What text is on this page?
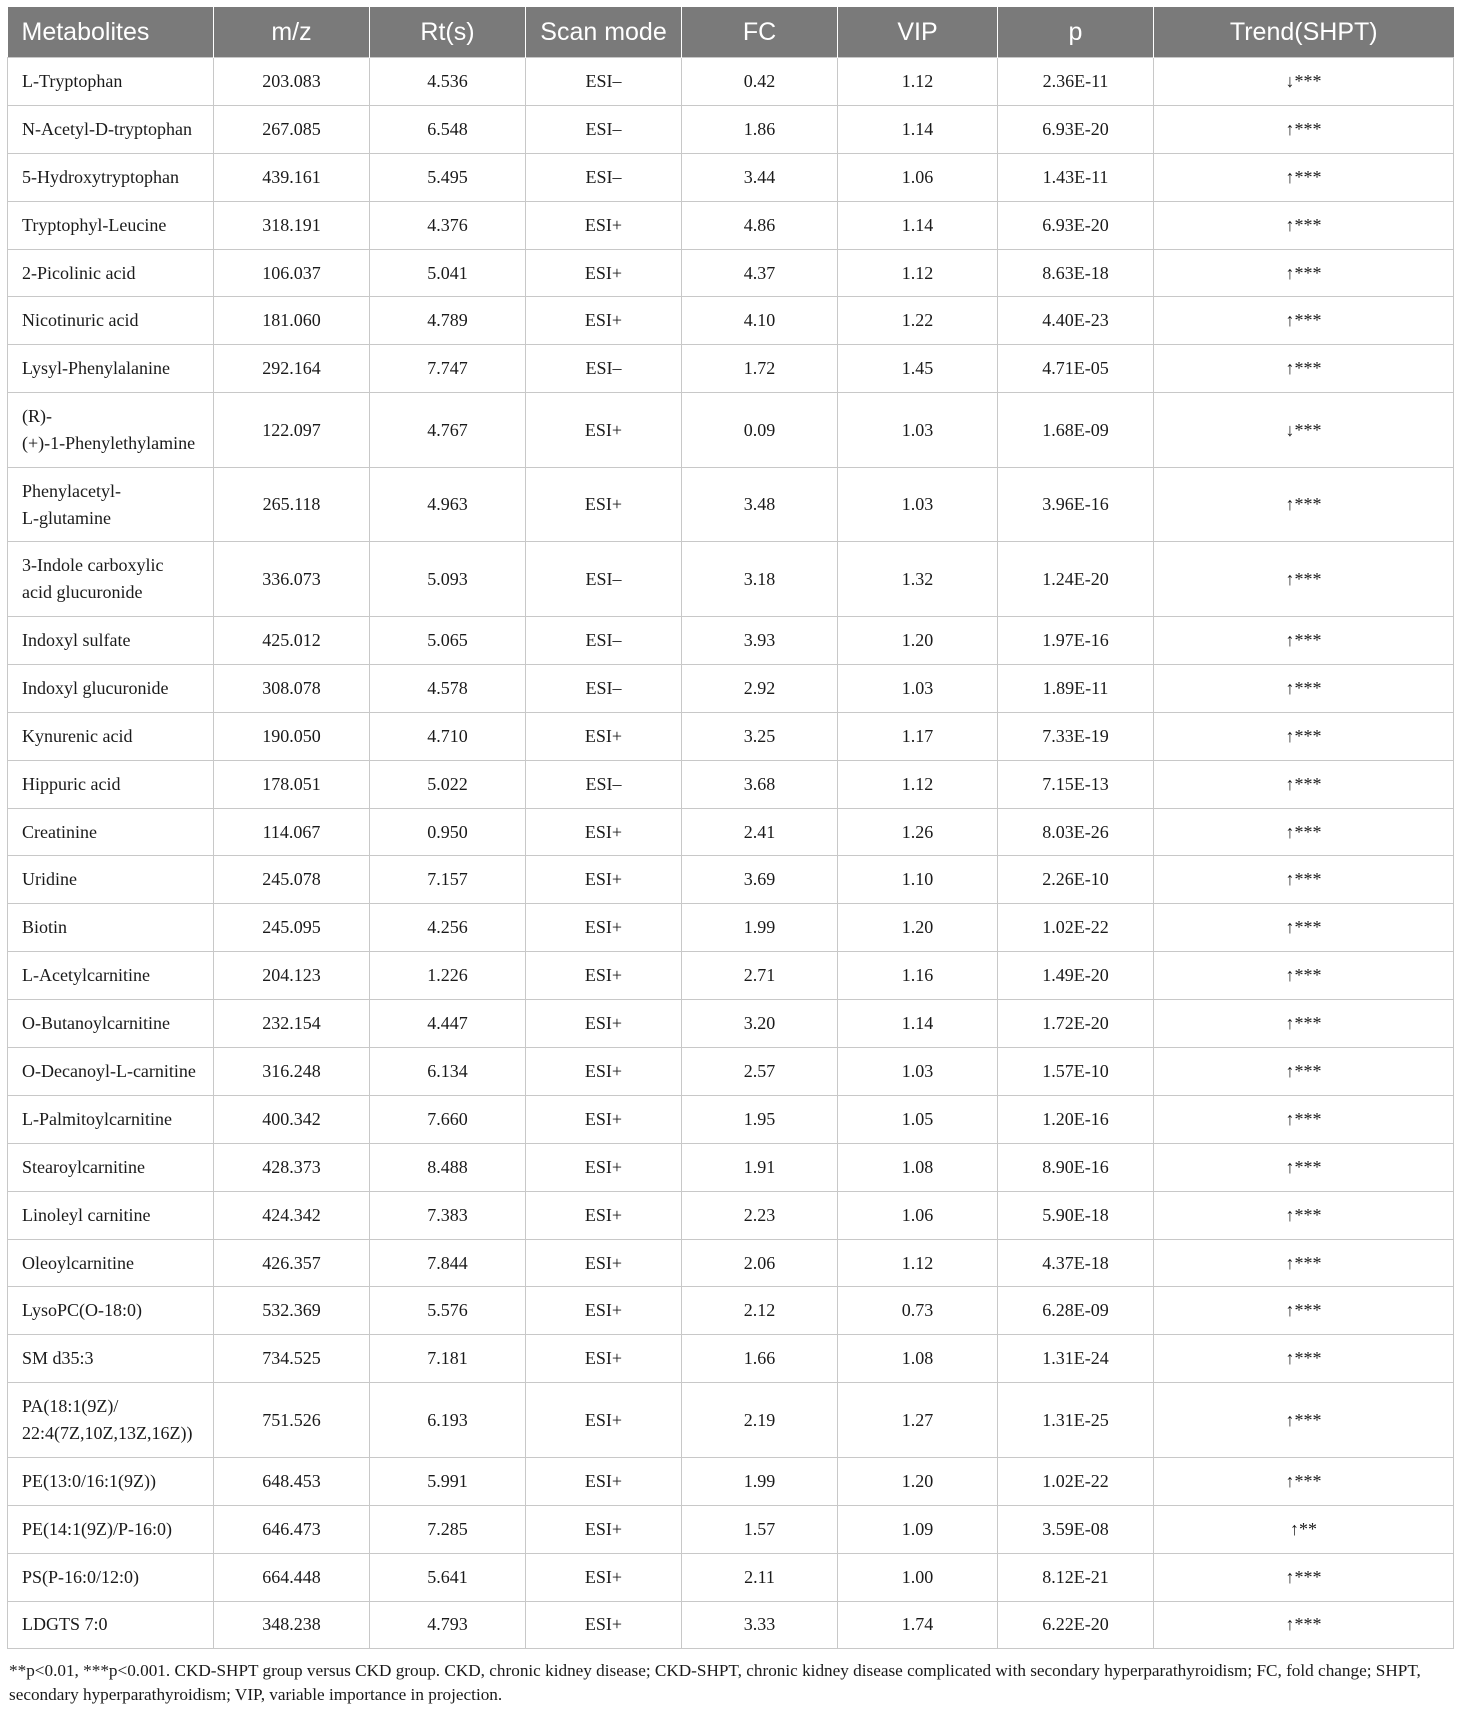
Metabolites	m/z	Rt(s)	Scan mode	FC	VIP	p	Trend(SHPT)
L-Tryptophan	203.083	4.536	ESI–	0.42	1.12	2.36E-11	↓***
N-Acetyl-D-tryptophan	267.085	6.548	ESI–	1.86	1.14	6.93E-20	↑***
5-Hydroxytryptophan	439.161	5.495	ESI–	3.44	1.06	1.43E-11	↑***
Tryptophyl-Leucine	318.191	4.376	ESI+	4.86	1.14	6.93E-20	↑***
2-Picolinic acid	106.037	5.041	ESI+	4.37	1.12	8.63E-18	↑***
Nicotinuric acid	181.060	4.789	ESI+	4.10	1.22	4.40E-23	↑***
Lysyl-Phenylalanine	292.164	7.747	ESI–	1.72	1.45	4.71E-05	↑***
(R)-
(+)-1-Phenylethylamine	122.097	4.767	ESI+	0.09	1.03	1.68E-09	↓***
Phenylacetyl-
L-glutamine	265.118	4.963	ESI+	3.48	1.03	3.96E-16	↑***
3-Indole carboxylic
acid glucuronide	336.073	5.093	ESI–	3.18	1.32	1.24E-20	↑***
Indoxyl sulfate	425.012	5.065	ESI–	3.93	1.20	1.97E-16	↑***
Indoxyl glucuronide	308.078	4.578	ESI–	2.92	1.03	1.89E-11	↑***
Kynurenic acid	190.050	4.710	ESI+	3.25	1.17	7.33E-19	↑***
Hippuric acid	178.051	5.022	ESI–	3.68	1.12	7.15E-13	↑***
Creatinine	114.067	0.950	ESI+	2.41	1.26	8.03E-26	↑***
Uridine	245.078	7.157	ESI+	3.69	1.10	2.26E-10	↑***
Biotin	245.095	4.256	ESI+	1.99	1.20	1.02E-22	↑***
L-Acetylcarnitine	204.123	1.226	ESI+	2.71	1.16	1.49E-20	↑***
O-Butanoylcarnitine	232.154	4.447	ESI+	3.20	1.14	1.72E-20	↑***
O-Decanoyl-L-carnitine	316.248	6.134	ESI+	2.57	1.03	1.57E-10	↑***
L-Palmitoylcarnitine	400.342	7.660	ESI+	1.95	1.05	1.20E-16	↑***
Stearoylcarnitine	428.373	8.488	ESI+	1.91	1.08	8.90E-16	↑***
Linoleyl carnitine	424.342	7.383	ESI+	2.23	1.06	5.90E-18	↑***
Oleoylcarnitine	426.357	7.844	ESI+	2.06	1.12	4.37E-18	↑***
LysoPC(O-18:0)	532.369	5.576	ESI+	2.12	0.73	6.28E-09	↑***
SM d35:3	734.525	7.181	ESI+	1.66	1.08	1.31E-24	↑***
PA(18:1(9Z)/
22:4(7Z,10Z,13Z,16Z))	751.526	6.193	ESI+	2.19	1.27	1.31E-25	↑***
PE(13:0/16:1(9Z))	648.453	5.991	ESI+	1.99	1.20	1.02E-22	↑***
PE(14:1(9Z)/P-16:0)	646.473	7.285	ESI+	1.57	1.09	3.59E-08	↑**
PS(P-16:0/12:0)	664.448	5.641	ESI+	2.11	1.00	8.12E-21	↑***
LDGTS 7:0	348.238	4.793	ESI+	3.33	1.74	6.22E-20	↑***
**p<0.01, ***p<0.001. CKD-SHPT group versus CKD group. CKD, chronic kidney disease; CKD-SHPT, chronic kidney disease complicated with secondary hyperparathyroidism; FC, fold change; SHPT, secondary hyperparathyroidism; VIP, variable importance in projection.
